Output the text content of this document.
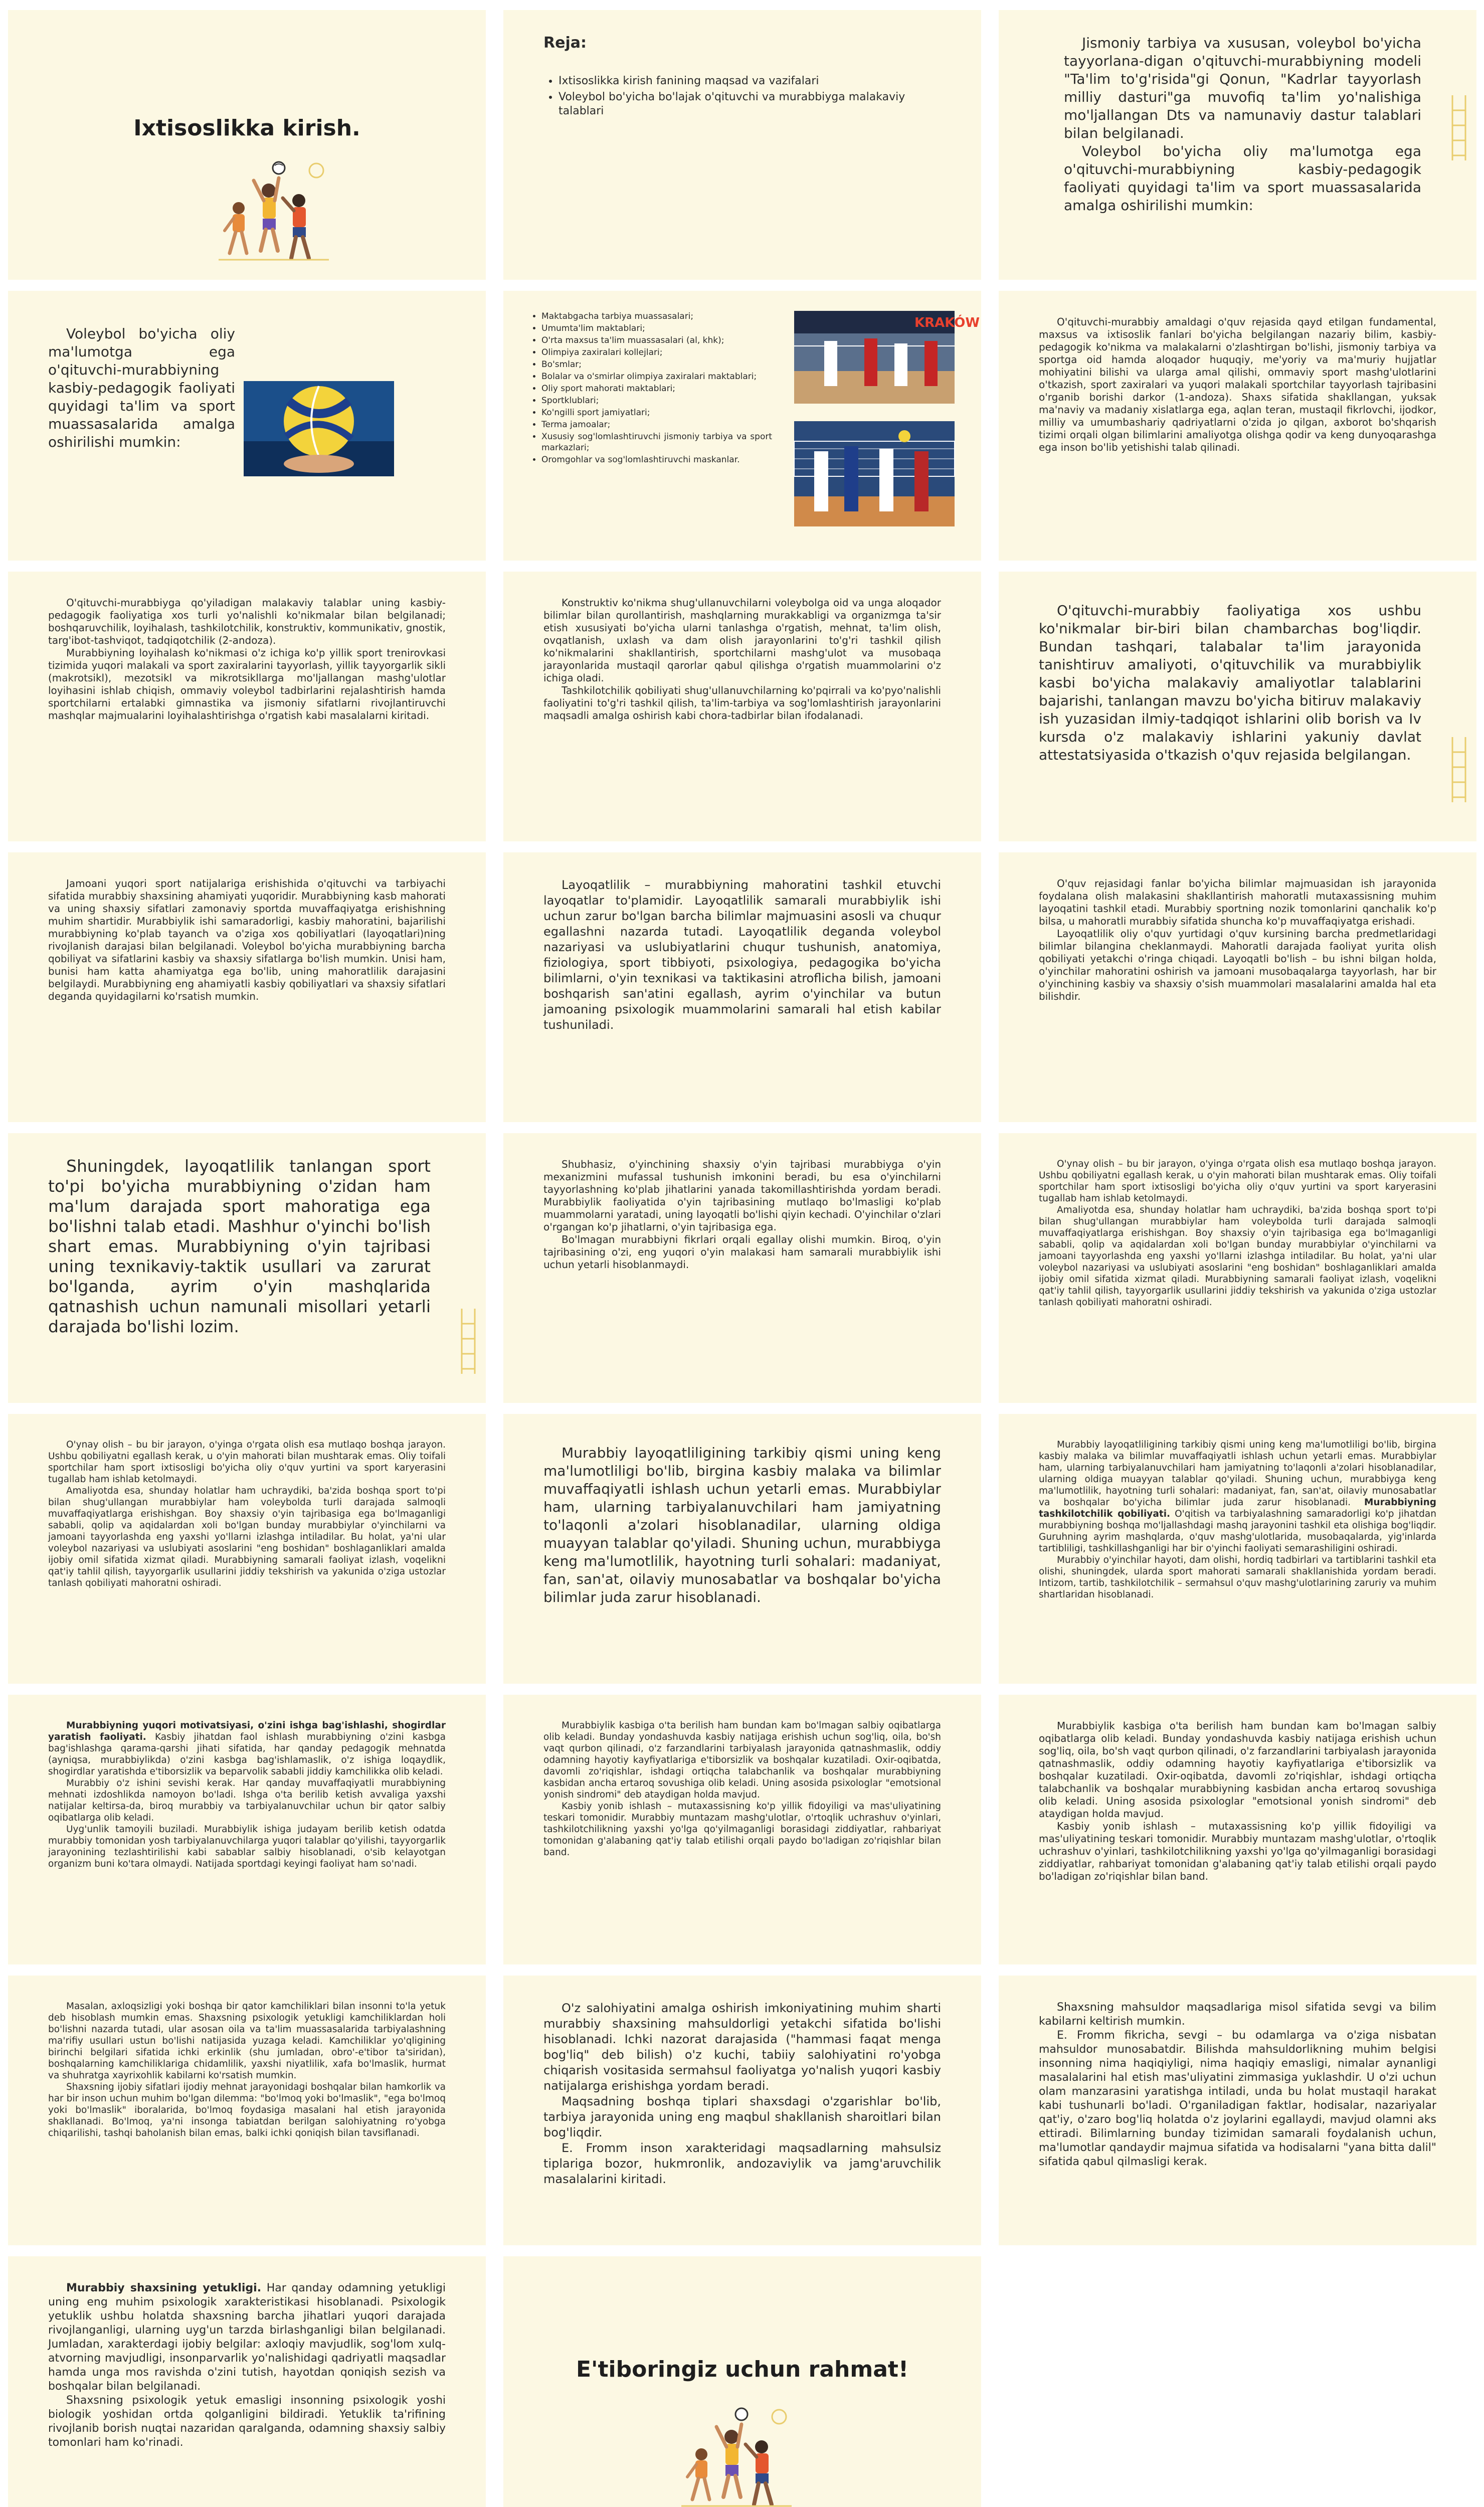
Ixtisoslikka kirish.
Reja:
• Ixtisoslikka kirish fanining maqsad va vazifalari
• Voleybol bo'yicha bo'lajak o'qituvchi va murabbiyga malakaviy talablari

Jismoniy tarbiya va xususan, voleybol bo'yicha tayyorlana-digan o'qituvchi-murabbiyning modeli "Ta'lim to'g'risida"gi Qonun, "Kadrlar tayyorlash milliy dasturi"ga muvofiq ta'lim yo'nalishiga mo'ljallangan Dts va namunaviy dastur talablari bilan belgilanadi.

Voleybol bo'yicha oliy ma'lumotga ega o'qituvchi-murabbiyning kasbiy-pedagogik faoliyati quyidagi ta'lim va sport muassasalarida amalga oshirilishi mumkin:

Voleybol bo'yicha oliy ma'lumotga ega o'qituvchi-murabbiyning kasbiy-pedagogik faoliyati quyidagi ta'lim va sport muassasalarida amalga oshirilishi mumkin:

• Maktabgacha tarbiya muassasalari;
• Umumta'lim maktablari;
• O'rta maxsus ta'lim muassasalari (al, khk);
• Olimpiya zaxiralari kollejlari;
• Bo'smlar;
• Bolalar va o'smirlar olimpiya zaxiralari maktablari;
• Oliy sport mahorati maktablari;
• Sportklublari;
• Ko'ngilli sport jamiyatlari;
• Terma jamoalar;
• Xususiy sog'lomlashtiruvchi jismoniy tarbiya va sport markazlari;
• Oromgohlar va sog'lomlashtiruvchi maskanlar.
KRAKÓW	O'qituvchi-murabbiy amaldagi o'quv rejasida qayd etilgan fundamental, maxsus va ixtisoslik fanlari bo'yicha belgilangan nazariy bilim, kasbiy-pedagogik ko'nikma va malakalarni o'zlashtirgan bo'lishi, jismoniy tarbiya va sportga oid hamda aloqador huquqiy, me'yoriy va ma'muriy hujjatlar mohiyatini bilishi va ularga amal qilishi, ommaviy sport mashg'ulotlarini o'tkazish, sport zaxiralari va yuqori malakali sportchilar tayyorlash tajribasini o'rganib borishi darkor (1-andoza). Shaxs sifatida shakllangan, yuksak ma'naviy va madaniy xislatlarga ega, aqlan teran, mustaqil fikrlovchi, ijodkor, milliy va umumbashariy qadriyatlarni o'zida jo qilgan, axborot bo'shqarish tizimi orqali olgan bilimlarini amaliyotga olishga qodir va keng dunyoqarashga ega inson bo'lib yetishishi talab qilinadi.

O'qituvchi-murabbiyga qo'yiladigan malakaviy talablar uning kasbiy-pedagogik faoliyatiga xos turli yo'nalishli ko'nikmalar bilan belgilanadi; boshqaruvchilik, loyihalash, tashkilotchilik, konstruktiv, kommunikativ, gnostik, targ'ibot-tashviqot, tadqiqotchilik (2-andoza).

Murabbiyning loyihalash ko'nikmasi o'z ichiga ko'p yillik sport trenirovkasi tizimida yuqori malakali va sport zaxiralarini tayyorlash, yillik tayyorgarlik sikli (makrotsikl), mezotsikl va mikrotsikllarga mo'ljallangan mashg'ulotlar loyihasini ishlab chiqish, ommaviy voleybol tadbirlarini rejalashtirish hamda sportchilarni ertalabki gimnastika va jismoniy sifatlarni rivojlantiruvchi mashqlar majmualarini loyihalashtirishga o'rgatish kabi masalalarni kiritadi.

Konstruktiv ko'nikma shug'ullanuvchilarni voleybolga oid va unga aloqador bilimlar bilan qurollantirish, mashqlarning murakkabligi va organizmga ta'sir etish xususiyati bo'yicha ularni tanlashga o'rgatish, mehnat, ta'lim olish, ovqatlanish, uxlash va dam olish jarayonlarini to'g'ri tashkil qilish ko'nikmalarini shakllantirish, sportchilarni mashg'ulot va musobaqa jarayonlarida mustaqil qarorlar qabul qilishga o'rgatish muammolarini o'z ichiga oladi.

Tashkilotchilik qobiliyati shug'ullanuvchilarning ko'pqirrali va ko'pyo'nalishli faoliyatini to'g'ri tashkil qilish, ta'lim-tarbiya va sog'lomlashtirish jarayonlarini maqsadli amalga oshirish kabi chora-tadbirlar bilan ifodalanadi.

O'qituvchi-murabbiy faoliyatiga xos ushbu ko'nikmalar bir-biri bilan chambarchas bog'liqdir. Bundan tashqari, talabalar ta'lim jarayonida tanishtiruv amaliyoti, o'qituvchilik va murabbiylik kasbi bo'yicha malakaviy amaliyotlar talablarini bajarishi, tanlangan mavzu bo'yicha bitiruv malakaviy ish yuzasidan ilmiy-tadqiqot ishlarini olib borish va Iv kursda o'z malakaviy ishlarini yakuniy davlat attestatsiyasida o'tkazish o'quv rejasida belgilangan.

Jamoani yuqori sport natijalariga erishishida o'qituvchi va tarbiyachi sifatida murabbiy shaxsining ahamiyati yuqoridir. Murabbiyning kasb mahorati va uning shaxsiy sifatlari zamonaviy sportda muvaffaqiyatga erishishning muhim shartidir. Murabbiylik ishi samaradorligi, kasbiy mahoratini, bajarilishi murabbiyning ko'plab tayanch va o'ziga xos qobiliyatlari (layoqatlari)ning rivojlanish darajasi bilan belgilanadi. Voleybol bo'yicha murabbiyning barcha qobiliyat va sifatlarini kasbiy va shaxsiy sifatlarga bo'lish mumkin. Unisi ham, bunisi ham katta ahamiyatga ega bo'lib, uning mahoratlilik darajasini belgilaydi. Murabbiyning eng ahamiyatli kasbiy qobiliyatlari va shaxsiy sifatlari deganda quyidagilarni ko'rsatish mumkin.

Layoqatlilik – murabbiyning mahoratini tashkil etuvchi layoqatlar to'plamidir. Layoqatlilik samarali murabbiylik ishi uchun zarur bo'lgan barcha bilimlar majmuasini asosli va chuqur egallashni nazarda tutadi. Layoqatlilik deganda voleybol nazariyasi va uslubiyatlarini chuqur tushunish, anatomiya, fiziologiya, sport tibbiyoti, psixologiya, pedagogika bo'yicha bilimlarni, o'yin texnikasi va taktikasini atroflicha bilish, jamoani boshqarish san'atini egallash, ayrim o'yinchilar va butun jamoaning psixologik muammolarini samarali hal etish kabilar tushuniladi.

O'quv rejasidagi fanlar bo'yicha bilimlar majmuasidan ish jarayonida foydalana olish malakasini shakllantirish mahoratli mutaxassisning muhim layoqatini tashkil etadi. Murabbiy sportning nozik tomonlarini qanchalik ko'p bilsa, u mahoratli murabbiy sifatida shuncha ko'p muvaffaqiyatga erishadi.

Layoqatlilik oliy o'quv yurtidagi o'quv kursining barcha predmetlaridagi bilimlar bilangina cheklanmaydi. Mahoratli darajada faoliyat yurita olish qobiliyati yetakchi o'ringa chiqadi. Layoqatli bo'lish – bu ishni bilgan holda, o'yinchilar mahoratini oshirish va jamoani musobaqalarga tayyorlash, har bir o'yinchining kasbiy va shaxsiy o'sish muammolari masalalarini amalda hal eta bilishdir.

Shuningdek, layoqatlilik tanlangan sport to'pi bo'yicha murabbiyning o'zidan ham ma'lum darajada sport mahoratiga ega bo'lishni talab etadi. Mashhur o'yinchi bo'lish shart emas. Murabbiyning o'yin tajribasi uning texnikaviy-taktik usullari va zarurat bo'lganda, ayrim o'yin mashqlarida qatnashish uchun namunali misollari yetarli darajada bo'lishi lozim.

Shubhasiz, o'yinchining shaxsiy o'yin tajribasi murabbiyga o'yin mexanizmini mufassal tushunish imkonini beradi, bu esa o'yinchilarni tayyorlashning ko'plab jihatlarini yanada takomillashtirishda yordam beradi. Murabbiylik faoliyatida o'yin tajribasining mutlaqo bo'lmasligi ko'plab muammolarni yaratadi, uning layoqatli bo'lishi qiyin kechadi. O'yinchilar o'zlari o'rgangan ko'p jihatlarni, o'yin tajribasiga ega.

Bo'lmagan murabbiyni fikrlari orqali egallay olishi mumkin. Biroq, o'yin tajribasining o'zi, eng yuqori o'yin malakasi ham samarali murabbiylik ishi uchun yetarli hisoblanmaydi.

O'ynay olish – bu bir jarayon, o'yinga o'rgata olish esa mutlaqo boshqa jarayon. Ushbu qobiliyatni egallash kerak, u o'yin mahorati bilan mushtarak emas. Oliy toifali sportchilar ham sport ixtisosligi bo'yicha oliy o'quv yurtini va sport karyerasini tugallab ham ishlab ketolmaydi.

Amaliyotda esa, shunday holatlar ham uchraydiki, ba'zida boshqa sport to'pi bilan shug'ullangan murabbiylar ham voleybolda turli darajada salmoqli muvaffaqiyatlarga erishishgan. Boy shaxsiy o'yin tajribasiga ega bo'lmaganligi sababli, qolip va aqidalardan xoli bo'lgan bunday murabbiylar o'yinchilarni va jamoani tayyorlashda eng yaxshi yo'llarni izlashga intiladilar. Bu holat, ya'ni ular voleybol nazariyasi va uslubiyati asoslarini "eng boshidan" boshlaganliklari amalda ijobiy omil sifatida xizmat qiladi. Murabbiyning samarali faoliyat izlash, voqelikni qat'iy tahlil qilish, tayyorgarlik usullarini jiddiy tekshirish va yakunida o'ziga ustozlar tanlash qobiliyati mahoratni oshiradi.

O'ynay olish – bu bir jarayon, o'yinga o'rgata olish esa mutlaqo boshqa jarayon. Ushbu qobiliyatni egallash kerak, u o'yin mahorati bilan mushtarak emas. Oliy toifali sportchilar ham sport ixtisosligi bo'yicha oliy o'quv yurtini va sport karyerasini tugallab ham ishlab ketolmaydi.

Amaliyotda esa, shunday holatlar ham uchraydiki, ba'zida boshqa sport to'pi bilan shug'ullangan murabbiylar ham voleybolda turli darajada salmoqli muvaffaqiyatlarga erishishgan. Boy shaxsiy o'yin tajribasiga ega bo'lmaganligi sababli, qolip va aqidalardan xoli bo'lgan bunday murabbiylar o'yinchilarni va jamoani tayyorlashda eng yaxshi yo'llarni izlashga intiladilar. Bu holat, ya'ni ular voleybol nazariyasi va uslubiyati asoslarini "eng boshidan" boshlaganliklari amalda ijobiy omil sifatida xizmat qiladi. Murabbiyning samarali faoliyat izlash, voqelikni qat'iy tahlil qilish, tayyorgarlik usullarini jiddiy tekshirish va yakunida o'ziga ustozlar tanlash qobiliyati mahoratni oshiradi.

Murabbiy layoqatliligining tarkibiy qismi uning keng ma'lumotliligi bo'lib, birgina kasbiy malaka va bilimlar muvaffaqiyatli ishlash uchun yetarli emas. Murabbiylar ham, ularning tarbiyalanuvchilari ham jamiyatning to'laqonli a'zolari hisoblanadilar, ularning oldiga muayyan talablar qo'yiladi. Shuning uchun, murabbiyga keng ma'lumotlilik, hayotning turli sohalari: madaniyat, fan, san'at, oilaviy munosabatlar va boshqalar bo'yicha bilimlar juda zarur hisoblanadi.

Murabbiy layoqatliligining tarkibiy qismi uning keng ma'lumotliligi bo'lib, birgina kasbiy malaka va bilimlar muvaffaqiyatli ishlash uchun yetarli emas. Murabbiylar ham, ularning tarbiyalanuvchilari ham jamiyatning to'laqonli a'zolari hisoblanadilar, ularning oldiga muayyan talablar qo'yiladi. Shuning uchun, murabbiyga keng ma'lumotlilik, hayotning turli sohalari: madaniyat, fan, san'at, oilaviy munosabatlar va boshqalar bo'yicha bilimlar juda zarur hisoblanadi. Murabbiyning tashkilotchilik qobiliyati. O'qitish va tarbiyalashning samaradorligi ko'p jihatdan murabbiyning boshqa mo'ljallashdagi mashq jarayonini tashkil eta olishiga bog'liqdir. Guruhning ayrim mashqlarda, o'quv mashg'ulotlarida, musobaqalarda, yig'inlarda tartibliligi, tashkillashganligi har bir o'yinchi faoliyati semarashiligini oshiradi.

Murabbiy o'yinchilar hayoti, dam olishi, hordiq tadbirlari va tartiblarini tashkil eta olishi, shuningdek, ularda sport mahorati samarali shakllanishida yordam beradi. Intizom, tartib, tashkilotchilik – sermahsul o'quv mashg'ulotlarining zaruriy va muhim shartlaridan hisoblanadi.

Murabbiyning yuqori motivatsiyasi, o'zini ishga bag'ishlashi, shogirdlar yaratish faoliyati. Kasbiy jihatdan faol ishlash murabbiyning o'zini kasbga bag'ishlashga qarama-qarshi jihati sifatida, har qanday pedagogik mehnatda (ayniqsa, murabbiylikda) o'zini kasbga bag'ishlamaslik, o'z ishiga loqaydlik, shogirdlar yaratishda e'tiborsizlik va beparvolik sababli jiddiy kamchilikka olib keladi.

Murabbiy o'z ishini sevishi kerak. Har qanday muvaffaqiyatli murabbiyning mehnati izdoshlikda namoyon bo'ladi. Ishga o'ta berilib ketish avvaliga yaxshi natijalar keltirsa-da, biroq murabbiy va tarbiyalanuvchilar uchun bir qator salbiy oqibatlarga olib keladi.

Uyg'unlik tamoyili buziladi. Murabbiylik ishiga judayam berilib ketish odatda murabbiy tomonidan yosh tarbiyalanuvchilarga yuqori talablar qo'yilishi, tayyorgarlik jarayonining tezlashtirilishi kabi sabablar salbiy hisoblanadi, o'sib kelayotgan organizm buni ko'tara olmaydi. Natijada sportdagi keyingi faoliyat ham so'nadi.

Murabbiylik kasbiga o'ta berilish ham bundan kam bo'lmagan salbiy oqibatlarga olib keladi. Bunday yondashuvda kasbiy natijaga erishish uchun sog'liq, oila, bo'sh vaqt qurbon qilinadi, o'z farzandlarini tarbiyalash jarayonida qatnashmaslik, oddiy odamning hayotiy kayfiyatlariga e'tiborsizlik va boshqalar kuzatiladi. Oxir-oqibatda, davomli zo'riqishlar, ishdagi ortiqcha talabchanlik va boshqalar murabbiyning kasbidan ancha ertaroq sovushiga olib keladi. Uning asosida psixologlar "emotsional yonish sindromi" deb ataydigan holda mavjud.

Kasbiy yonib ishlash – mutaxassisning ko'p yillik fidoyiligi va mas'uliyatining teskari tomonidir. Murabbiy muntazam mashg'ulotlar, o'rtoqlik uchrashuv o'yinlari, tashkilotchilikning yaxshi yo'lga qo'yilmaganligi borasidagi ziddiyatlar, rahbariyat tomonidan g'alabaning qat'iy talab etilishi orqali paydo bo'ladigan zo'riqishlar bilan band.

Murabbiylik kasbiga o'ta berilish ham bundan kam bo'lmagan salbiy oqibatlarga olib keladi. Bunday yondashuvda kasbiy natijaga erishish uchun sog'liq, oila, bo'sh vaqt qurbon qilinadi, o'z farzandlarini tarbiyalash jarayonida qatnashmaslik, oddiy odamning hayotiy kayfiyatlariga e'tiborsizlik va boshqalar kuzatiladi. Oxir-oqibatda, davomli zo'riqishlar, ishdagi ortiqcha talabchanlik va boshqalar murabbiyning kasbidan ancha ertaroq sovushiga olib keladi. Uning asosida psixologlar "emotsional yonish sindromi" deb ataydigan holda mavjud.

Kasbiy yonib ishlash – mutaxassisning ko'p yillik fidoyiligi va mas'uliyatining teskari tomonidir. Murabbiy muntazam mashg'ulotlar, o'rtoqlik uchrashuv o'yinlari, tashkilotchilikning yaxshi yo'lga qo'yilmaganligi borasidagi ziddiyatlar, rahbariyat tomonidan g'alabaning qat'iy talab etilishi orqali paydo bo'ladigan zo'riqishlar bilan band.

Masalan, axloqsizligi yoki boshqa bir qator kamchiliklari bilan insonni to'la yetuk deb hisoblash mumkin emas. Shaxsning psixologik yetukligi kamchiliklardan holi bo'lishni nazarda tutadi, ular asosan oila va ta'lim muassasalarida tarbiyalashning ma'rifiy usullari ustun bo'lishi natijasida yuzaga keladi. Kamchiliklar yo'qligining birinchi belgilari sifatida ichki erkinlik (shu jumladan, obro'-e'tibor ta'siridan), boshqalarning kamchiliklariga chidamlilik, yaxshi niyatlilik, xafa bo'lmaslik, hurmat va shuhratga xayrixohlik kabilarni ko'rsatish mumkin.

Shaxsning ijobiy sifatlari ijodiy mehnat jarayonidagi boshqalar bilan hamkorlik va har bir inson uchun muhim bo'lgan dilemma: "bo'lmoq yoki bo'lmaslik", "ega bo'lmoq yoki bo'lmaslik" iboralarida, bo'lmoq foydasiga masalani hal etish jarayonida shakllanadi. Bo'lmoq, ya'ni insonga tabiatdan berilgan salohiyatning ro'yobga chiqarilishi, tashqi baholanish bilan emas, balki ichki qoniqish bilan tavsiflanadi.

O'z salohiyatini amalga oshirish imkoniyatining muhim sharti murabbiy shaxsining mahsuldorligi yetakchi sifatida bo'lishi hisoblanadi. Ichki nazorat darajasida ("hammasi faqat menga bog'liq" deb bilish) o'z kuchi, tabiiy salohiyatini ro'yobga chiqarish vositasida sermahsul faoliyatga yo'nalish yuqori kasbiy natijalarga erishishga yordam beradi.

Maqsadning boshqa tiplari shaxsdagi o'zgarishlar bo'lib, tarbiya jarayonida uning eng maqbul shakllanish sharoitlari bilan bog'liqdir.

E. Fromm inson xarakteridagi maqsadlarning mahsulsiz tiplariga bozor, hukmronlik, andozaviylik va jamg'aruvchilik masalalarini kiritadi.

Shaxsning mahsuldor maqsadlariga misol sifatida sevgi va bilim kabilarni keltirish mumkin.

E. Fromm fikricha, sevgi – bu odamlarga va o'ziga nisbatan mahsuldor munosabatdir. Bilishda mahsuldorlikning muhim belgisi insonning nima haqiqiyligi, nima haqiqiy emasligi, nimalar aynanligi masalalarini hal etish mas'uliyatini zimmasiga yuklashdir. U o'zi uchun olam manzarasini yaratishga intiladi, unda bu holat mustaqil harakat kabi tushunarli bo'ladi. O'rganiladigan faktlar, hodisalar, nazariyalar qat'iy, o'zaro bog'liq holatda o'z joylarini egallaydi, mavjud olamni aks ettiradi. Bilimlarning bunday tizimidan samarali foydalanish uchun, ma'lumotlar qandaydir majmua sifatida va hodisalarni "yana bitta dalil" sifatida qabul qilmasligi kerak.

Murabbiy shaxsining yetukligi. Har qanday odamning yetukligi uning eng muhim psixologik xarakteristikasi hisoblanadi. Psixologik yetuklik ushbu holatda shaxsning barcha jihatlari yuqori darajada rivojlanganligi, ularning uyg'un tarzda birlashganligi bilan belgilanadi. Jumladan, xarakterdagi ijobiy belgilar: axloqiy mavjudlik, sog'lom xulq-atvorning mavjudligi, insonparvarlik yo'nalishidagi qadriyatli maqsadlar hamda unga mos ravishda o'zini tutish, hayotdan qoniqish sezish va boshqalar bilan belgilanadi.

Shaxsning psixologik yetuk emasligi insonning psixologik yoshi biologik yoshidan ortda qolganligini bildiradi. Yetuklik ta'rifining rivojlanib borish nuqtai nazaridan qaralganda, odamning shaxsiy salbiy tomonlari ham ko'rinadi.

E'tiboringiz uchun rahmat!
